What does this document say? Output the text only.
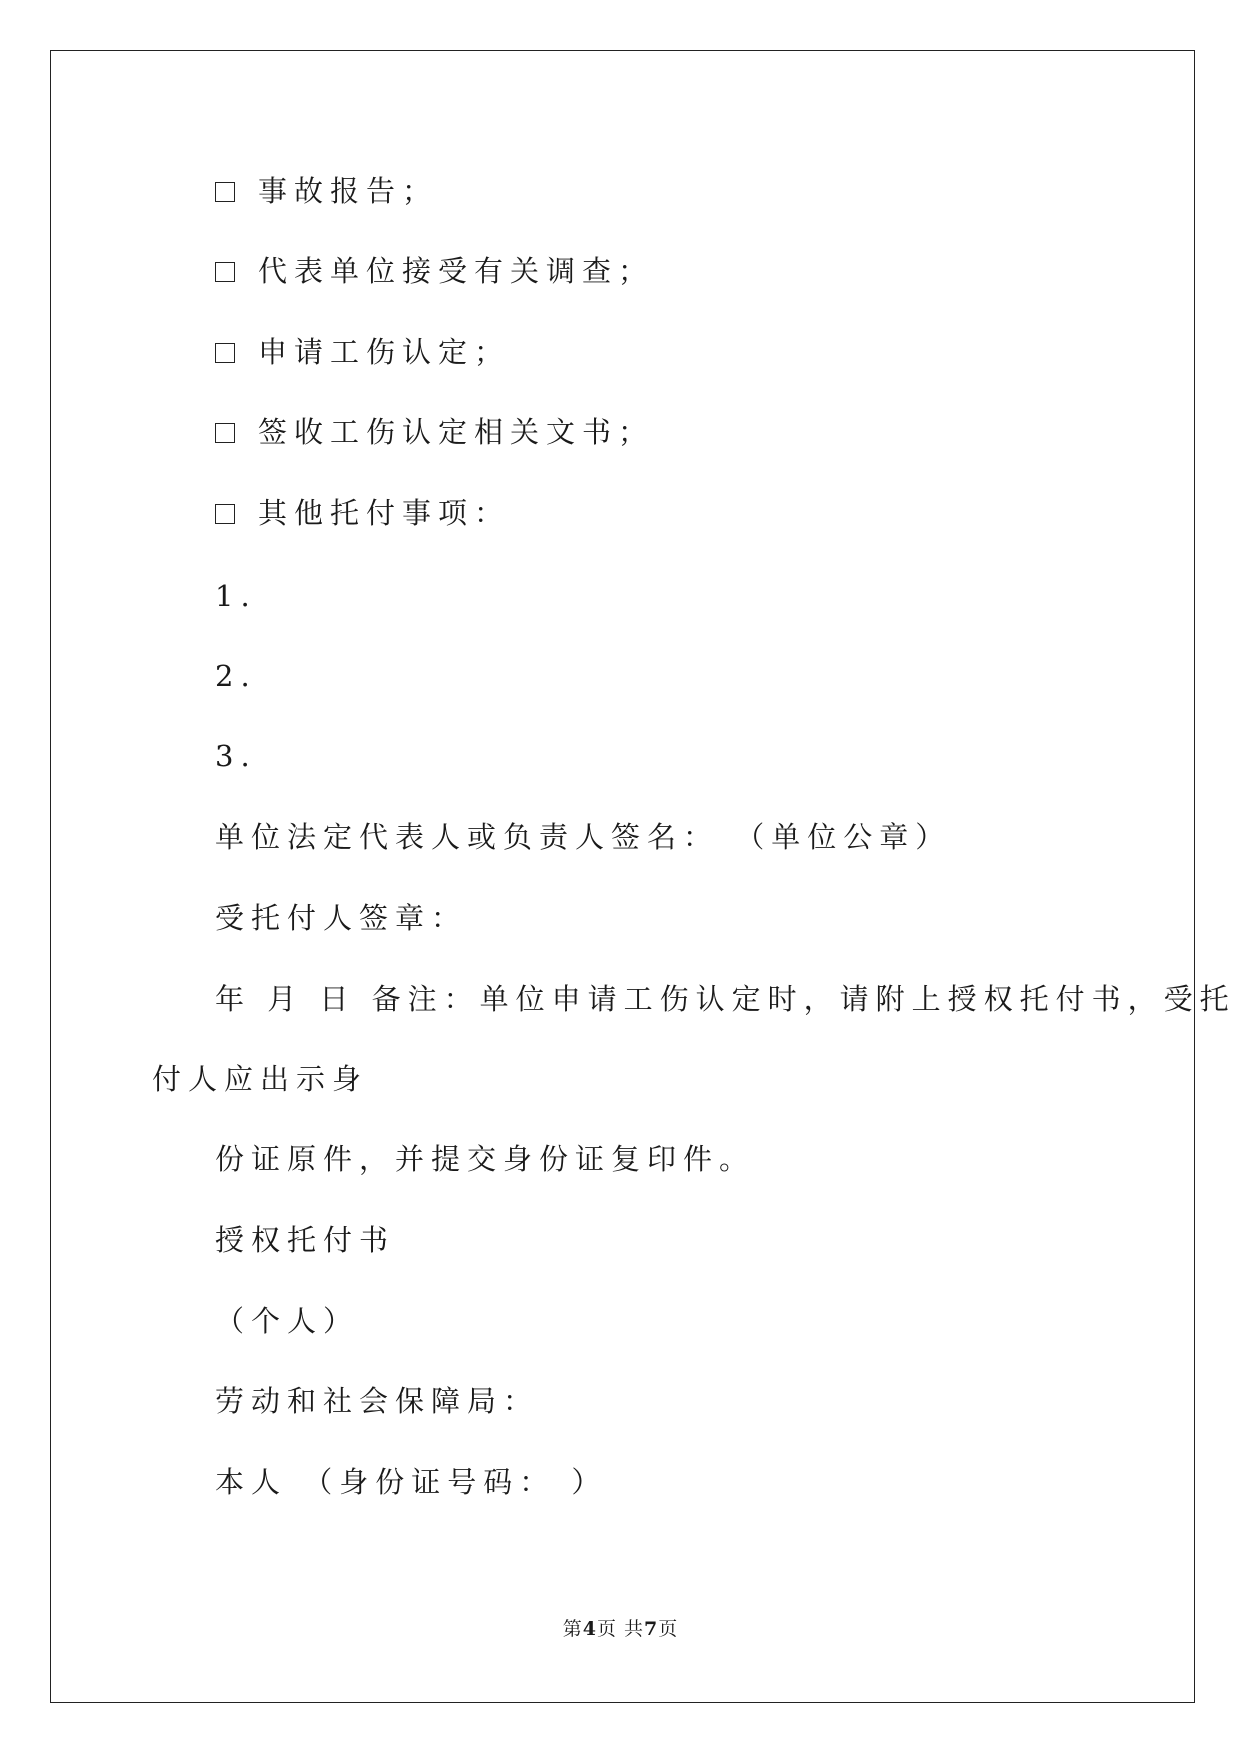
事故报告；
代表单位接受有关调查；
申请工伤认定；
签收工伤认定相关文书；
其他托付事项：
1.
2.
3.
单位法定代表人或负责人签名： （单位公章）
受托付人签章：
年 月 日 备注：单位申请工伤认定时，请附上授权托付书，受托
付人应出示身
份证原件，并提交身份证复印件。
授权托付书
（个人）
劳动和社会保障局：
本人 （身份证号码： ）
第4页 共7页
